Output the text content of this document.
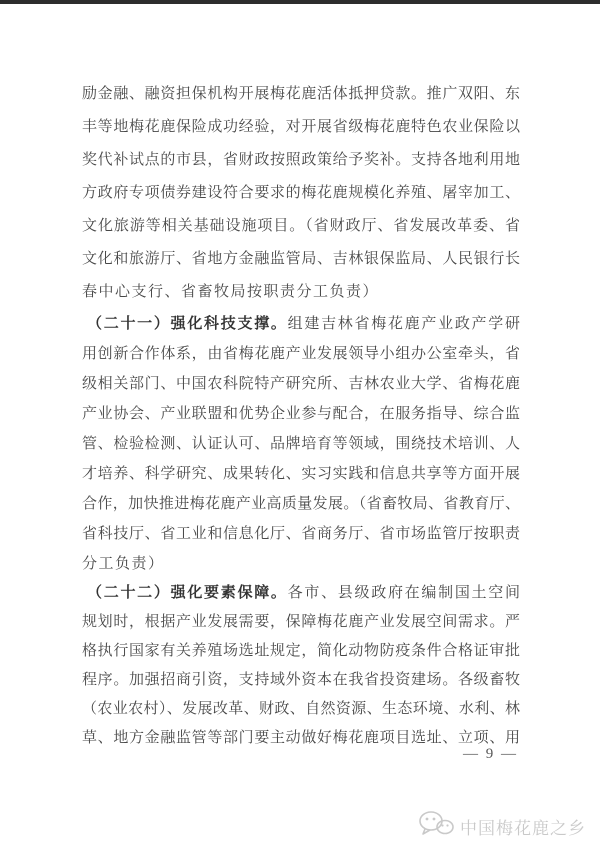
励金融、融资担保机构开展梅花鹿活体抵押贷款。推广双阳、东
丰等地梅花鹿保险成功经验，对开展省级梅花鹿特色农业保险以
奖代补试点的市县，省财政按照政策给予奖补。支持各地利用地
方政府专项债券建设符合要求的梅花鹿规模化养殖、屠宰加工、
文化旅游等相关基础设施项目。（省财政厅、省发展改革委、省
文化和旅游厅、省地方金融监管局、吉林银保监局、人民银行长
春中心支行、省畜牧局按职责分工负责）
（二十一）强化科技支撑。组建吉林省梅花鹿产业政产学研
用创新合作体系，由省梅花鹿产业发展领导小组办公室牵头，省
级相关部门、中国农科院特产研究所、吉林农业大学、省梅花鹿
产业协会、产业联盟和优势企业参与配合，在服务指导、综合监
管、检验检测、认证认可、品牌培育等领域，围绕技术培训、人
才培养、科学研究、成果转化、实习实践和信息共享等方面开展
合作，加快推进梅花鹿产业高质量发展。（省畜牧局、省教育厅、
省科技厅、省工业和信息化厅、省商务厅、省市场监管厅按职责
分工负责）
（二十二）强化要素保障。各市、县级政府在编制国土空间
规划时，根据产业发展需要，保障梅花鹿产业发展空间需求。严
格执行国家有关养殖场选址规定，简化动物防疫条件合格证审批
程序。加强招商引资，支持域外资本在我省投资建场。各级畜牧
（农业农村）、发展改革、财政、自然资源、生态环境、水利、林
草、地方金融监管等部门要主动做好梅花鹿项目选址、立项、用
— 9 —
中国梅花鹿之乡
